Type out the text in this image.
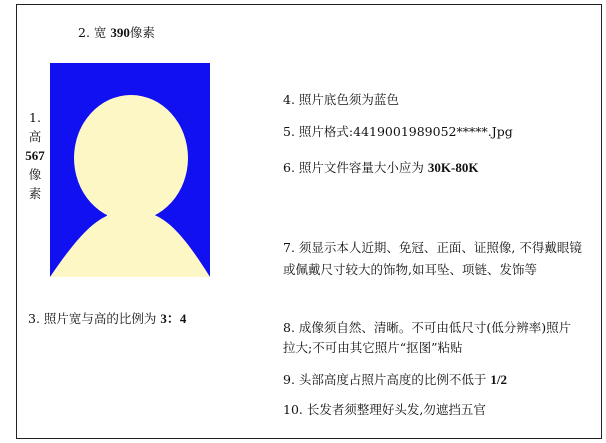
2. 宽 390像素
1.
高
567
像
素
3. 照片宽与高的比例为 3：4
4. 照片底色须为蓝色
5. 照片格式:4419001989052*****.Jpg
6. 照片文件容量大小应为 30K-80K
7. 须显示本人近期、免冠、正面、证照像, 不得戴眼镜或佩戴尺寸较大的饰物,如耳坠、项链、发饰等
8. 成像须自然、清晰。不可由低尺寸(低分辨率)照片拉大;不可由其它照片“抠图”粘贴
9. 头部高度占照片高度的比例不低于 1/2
10. 长发者须整理好头发,勿遮挡五官
